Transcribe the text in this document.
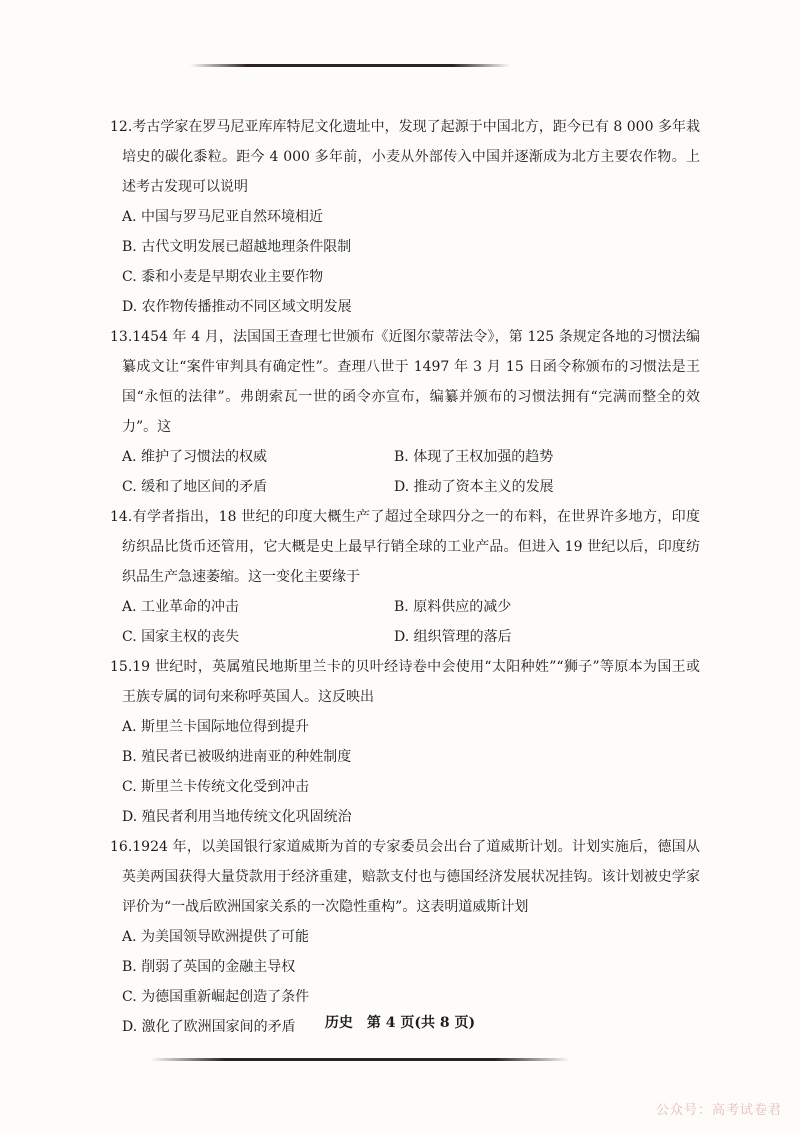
12.考古学家在罗马尼亚库库特尼文化遗址中，发现了起源于中国北方，距今已有 8 000 多年栽培史的碳化黍粒。距今 4 000 多年前，小麦从外部传入中国并逐渐成为北方主要农作物。上述考古发现可以说明

A. 中国与罗马尼亚自然环境相近

B. 古代文明发展已超越地理条件限制

C. 黍和小麦是早期农业主要作物

D. 农作物传播推动不同区域文明发展

13.1454 年 4 月，法国国王查理七世颁布《近图尔蒙蒂法令》，第 125 条规定各地的习惯法编纂成文让“案件审判具有确定性”。查理八世于 1497 年 3 月 15 日函令称颁布的习惯法是王国“永恒的法律”。弗朗索瓦一世的函令亦宣布，编纂并颁布的习惯法拥有“完满而整全的效力”。这

A. 维护了习惯法的权威	B. 体现了王权加强的趋势

C. 缓和了地区间的矛盾	D. 推动了资本主义的发展

14.有学者指出，18 世纪的印度大概生产了超过全球四分之一的布料，在世界许多地方，印度纺织品比货币还管用，它大概是史上最早行销全球的工业产品。但进入 19 世纪以后，印度纺织品生产急速萎缩。这一变化主要缘于

A. 工业革命的冲击	B. 原料供应的减少

C. 国家主权的丧失	D. 组织管理的落后

15.19 世纪时，英属殖民地斯里兰卡的贝叶经诗卷中会使用“太阳种姓”“狮子”等原本为国王或王族专属的词句来称呼英国人。这反映出

A. 斯里兰卡国际地位得到提升

B. 殖民者已被吸纳进南亚的种姓制度

C. 斯里兰卡传统文化受到冲击

D. 殖民者利用当地传统文化巩固统治

16.1924 年，以美国银行家道威斯为首的专家委员会出台了道威斯计划。计划实施后，德国从英美两国获得大量贷款用于经济重建，赔款支付也与德国经济发展状况挂钩。该计划被史学家评价为“一战后欧洲国家关系的一次隐性重构”。这表明道威斯计划

A. 为美国领导欧洲提供了可能

B. 削弱了英国的金融主导权

C. 为德国重新崛起创造了条件

D. 激化了欧洲国家间的矛盾	历史　第 4 页(共 8 页)
公众号：高考试卷君
